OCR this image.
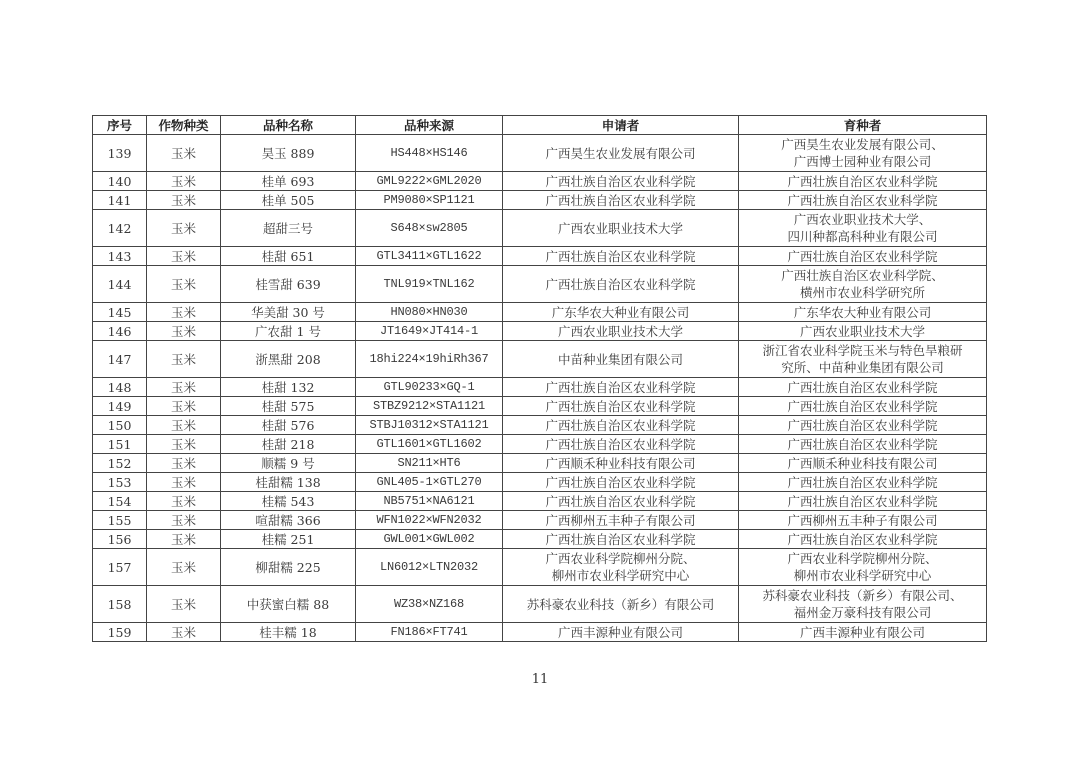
序号	作物种类	品种名称	品种来源	申请者	育种者
139	玉米	昊玉 889	HS448×HS146	广西昊生农业发展有限公司	广西昊生农业发展有限公司、
广西博士园种业有限公司

140	玉米	桂单 693	GML9222×GML2020	广西壮族自治区农业科学院	广西壮族自治区农业科学院

141	玉米	桂单 505	PM9080×SP1121	广西壮族自治区农业科学院	广西壮族自治区农业科学院

142	玉米	超甜三号	S648×sw2805	广西农业职业技术大学	广西农业职业技术大学、
四川种都高科种业有限公司

143	玉米	桂甜 651	GTL3411×GTL1622	广西壮族自治区农业科学院	广西壮族自治区农业科学院

144	玉米	桂雪甜 639	TNL919×TNL162	广西壮族自治区农业科学院	广西壮族自治区农业科学院、
横州市农业科学研究所

145	玉米	华美甜 30 号	HN080×HN030	广东华农大种业有限公司	广东华农大种业有限公司

146	玉米	广农甜 1 号	JT1649×JT414-1	广西农业职业技术大学	广西农业职业技术大学

147	玉米	浙黑甜 208	18hi224×19hiRh367	中苗种业集团有限公司	浙江省农业科学院玉米与特色旱粮研
究所、中苗种业集团有限公司

148	玉米	桂甜 132	GTL90233×GQ-1	广西壮族自治区农业科学院	广西壮族自治区农业科学院

149	玉米	桂甜 575	STBZ9212×STA1121	广西壮族自治区农业科学院	广西壮族自治区农业科学院

150	玉米	桂甜 576	STBJ10312×STA1121	广西壮族自治区农业科学院	广西壮族自治区农业科学院

151	玉米	桂甜 218	GTL1601×GTL1602	广西壮族自治区农业科学院	广西壮族自治区农业科学院

152	玉米	顺糯 9 号	SN211×HT6	广西顺禾种业科技有限公司	广西顺禾种业科技有限公司

153	玉米	桂甜糯 138	GNL405-1×GTL270	广西壮族自治区农业科学院	广西壮族自治区农业科学院

154	玉米	桂糯 543	NB5751×NA6121	广西壮族自治区农业科学院	广西壮族自治区农业科学院

155	玉米	喧甜糯 366	WFN1022×WFN2032	广西柳州五丰种子有限公司	广西柳州五丰种子有限公司

156	玉米	桂糯 251	GWL001×GWL002	广西壮族自治区农业科学院	广西壮族自治区农业科学院

157	玉米	柳甜糯 225	LN6012×LTN2032	广西农业科学院柳州分院、
柳州市农业科学研究中心	广西农业科学院柳州分院、
柳州市农业科学研究中心

158	玉米	中获蜜白糯 88	WZ38×NZ168	苏科豪农业科技（新乡）有限公司	苏科豪农业科技（新乡）有限公司、
福州金万豪科技有限公司

159	玉米	桂丰糯 18	FN186×FT741	广西丰源种业有限公司	广西丰源种业有限公司
11
